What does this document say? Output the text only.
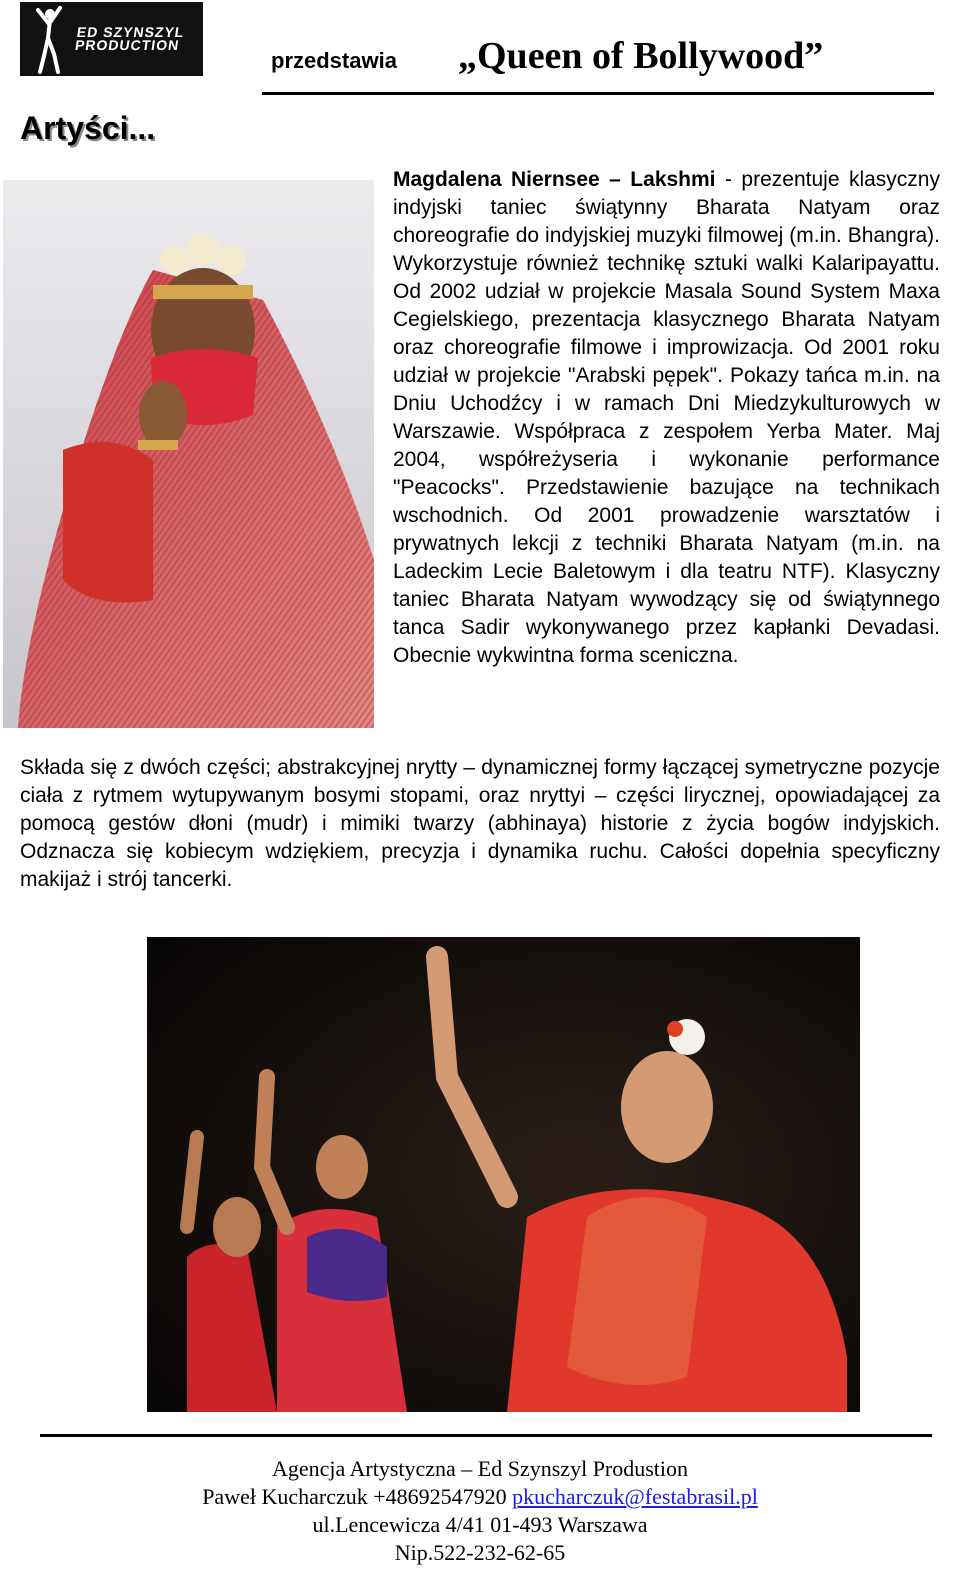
ED SZYNSZYL
PRODUCTION
przedstawia „Queen of Bollywood”
Artyści...

Magdalena Niernsee – Lakshmi - prezentuje klasyczny indyjski taniec świątynny Bharata Natyam oraz choreografie do indyjskiej muzyki filmowej (m.in. Bhangra). Wykorzystuje również technikę sztuki walki Kalaripayattu. Od 2002 udział w projekcie Masala Sound System Maxa Cegielskiego, prezentacja klasycznego Bharata Natyam oraz choreografie filmowe i improwizacja. Od 2001 roku udział w projekcie "Arabski pępek". Pokazy tańca m.in. na Dniu Uchodźcy i w ramach Dni Miedzykulturowych w Warszawie. Współpraca z zespołem Yerba Mater. Maj 2004, współreżyseria i wykonanie performance "Peacocks". Przedstawienie bazujące na technikach wschodnich. Od 2001 prowadzenie warsztatów i prywatnych lekcji z techniki Bharata Natyam (m.in. na Ladeckim Lecie Baletowym i dla teatru NTF). Klasyczny taniec Bharata Natyam wywodzący się od świątynnego tanca Sadir wykonywanego przez kapłanki Devadasi. Obecnie wykwintna forma sceniczna.

Składa się z dwóch części; abstrakcyjnej nrytty – dynamicznej formy łączącej symetryczne pozycje ciała z rytmem wytupywanym bosymi stopami, oraz nryttyi – części lirycznej, opowiadającej za pomocą gestów dłoni (mudr) i mimiki twarzy (abhinaya) historie z życia bogów indyjskich. Odznacza się kobiecym wdziękiem, precyzja i dynamika ruchu. Całości dopełnia specyficzny makijaż i strój tancerki.

Agencja Artystyczna – Ed Szynszyl Produstion
Paweł Kucharczuk +48692547920 pkucharczuk@festabrasil.pl
ul.Lencewicza 4/41 01-493 Warszawa
Nip.522-232-62-65
